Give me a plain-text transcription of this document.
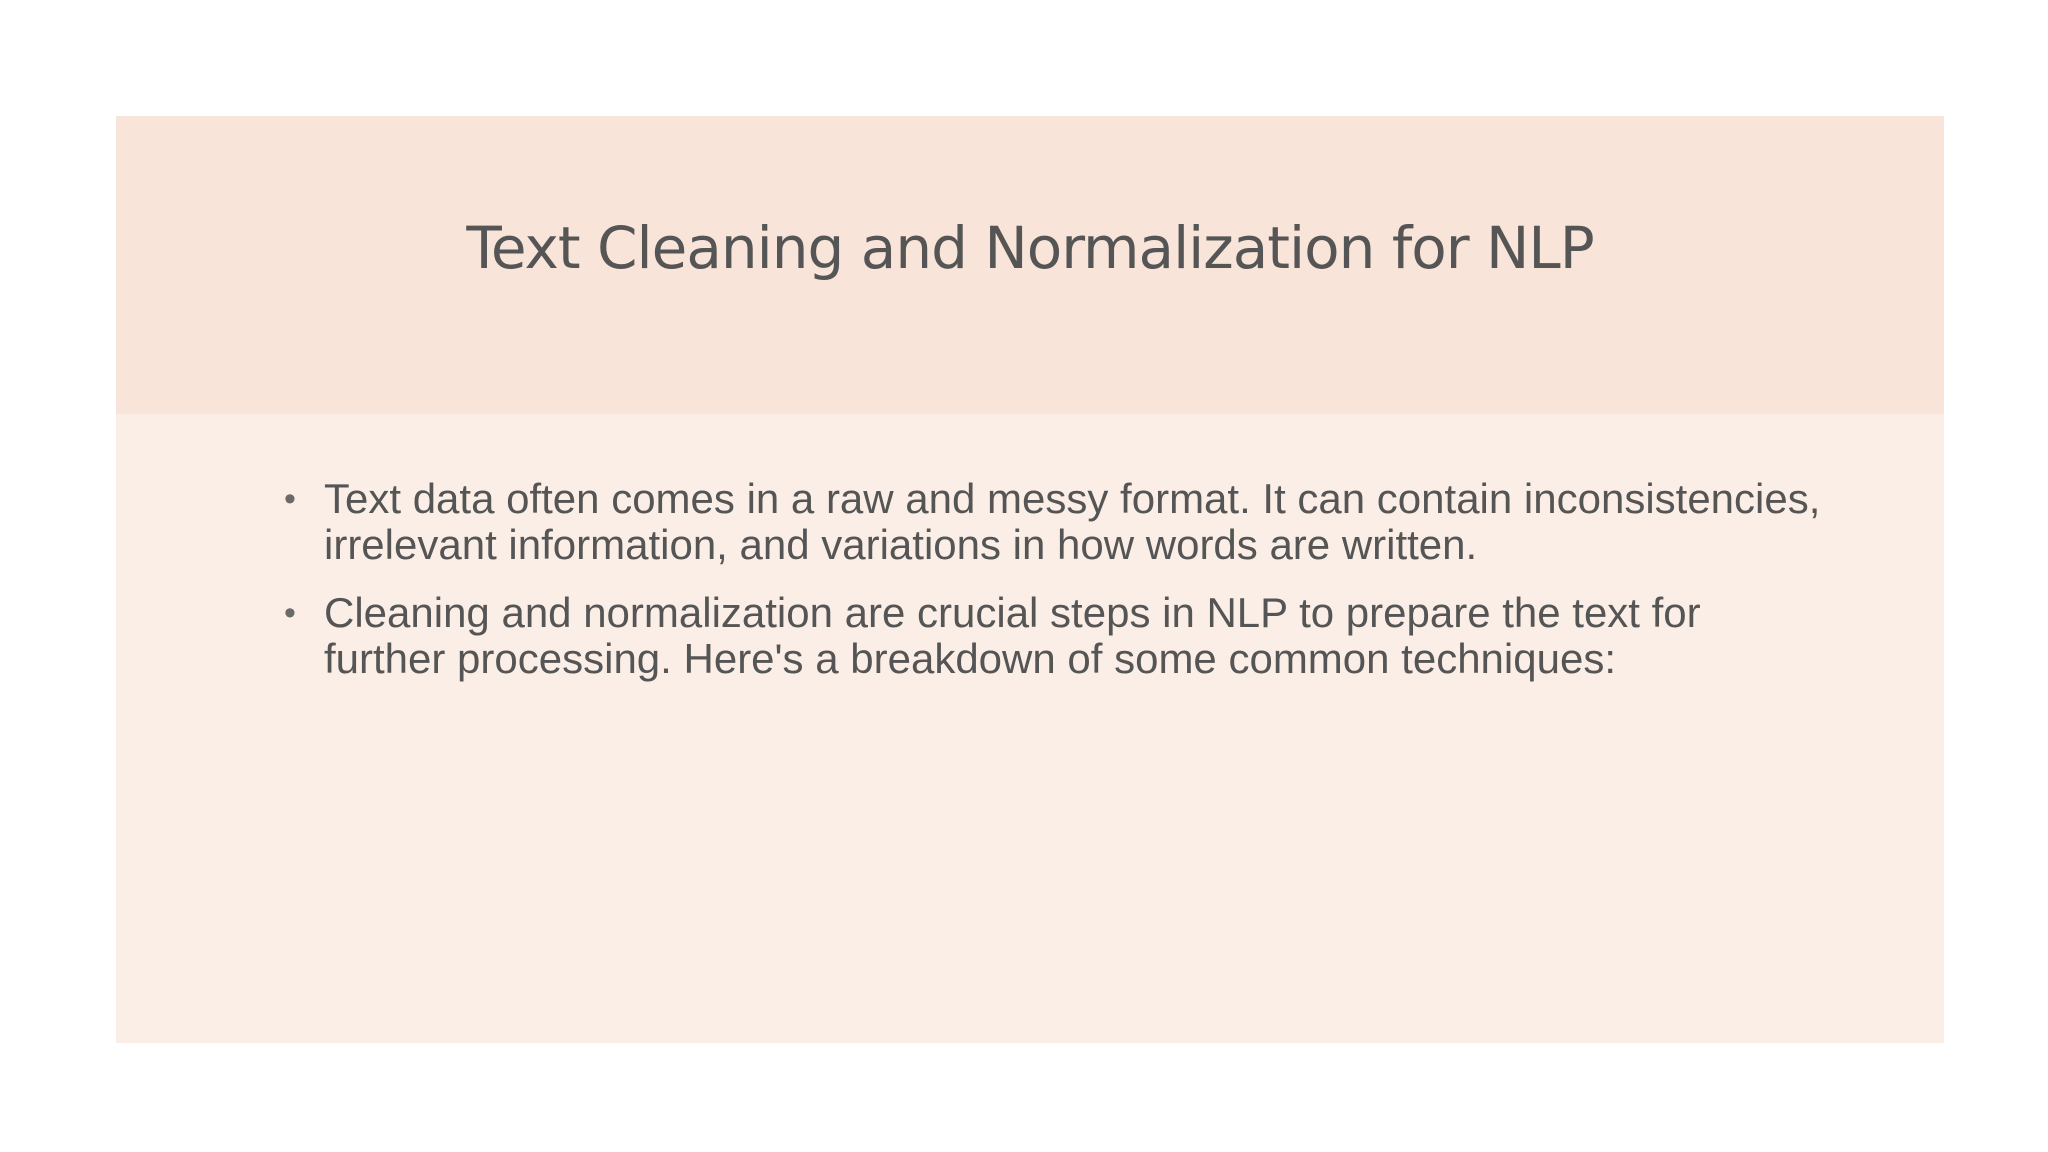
Text Cleaning and Normalization for NLP
• Text data often comes in a raw and messy format. It can contain inconsistencies, irrelevant information, and variations in how words are written.
• Cleaning and normalization are crucial steps in NLP to prepare the text for further processing. Here's a breakdown of some common techniques:
